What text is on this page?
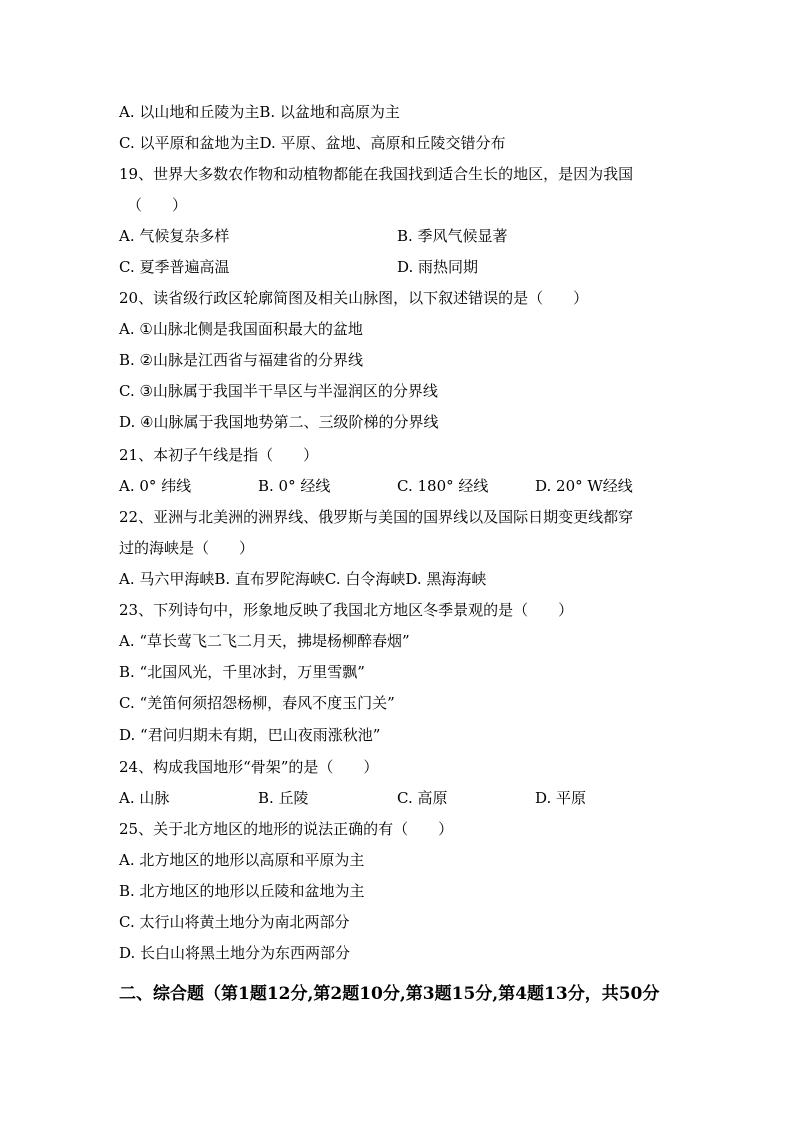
A. 以山地和丘陵为主B. 以盆地和高原为主
C. 以平原和盆地为主D. 平原、盆地、高原和丘陵交错分布
19、世界大多数农作物和动植物都能在我国找到适合生长的地区，是因为我国
（　　）
A. 气候复杂多样	B. 季风气候显著
C. 夏季普遍高温	D. 雨热同期
20、读省级行政区轮廓简图及相关山脉图，以下叙述错误的是（　　）
A. ①山脉北侧是我国面积最大的盆地
B. ②山脉是江西省与福建省的分界线
C. ③山脉属于我国半干旱区与半湿润区的分界线
D. ④山脉属于我国地势第二、三级阶梯的分界线
21、本初子午线是指（　　）
A. 0° 纬线	B. 0° 经线	C. 180° 经线	D. 20° W经线
22、亚洲与北美洲的洲界线、俄罗斯与美国的国界线以及国际日期变更线都穿
过的海峡是（　　）
A. 马六甲海峡B. 直布罗陀海峡C. 白令海峡D. 黑海海峡
23、下列诗句中，形象地反映了我国北方地区冬季景观的是（　　）
A. “草长莺飞二飞二月天，拂堤杨柳醉春烟”
B. “北国风光，千里冰封，万里雪飘”
C. “羌笛何须招怨杨柳，春风不度玉门关”
D. “君问归期未有期，巴山夜雨涨秋池”
24、构成我国地形“骨架”的是（　　）
A. 山脉	B. 丘陵	C. 高原	D. 平原
25、关于北方地区的地形的说法正确的有（　　）
A. 北方地区的地形以高原和平原为主
B. 北方地区的地形以丘陵和盆地为主
C. 太行山将黄土地分为南北两部分
D. 长白山将黑土地分为东西两部分
二、综合题（第1题12分,第2题10分,第3题15分,第4题13分，共50分
